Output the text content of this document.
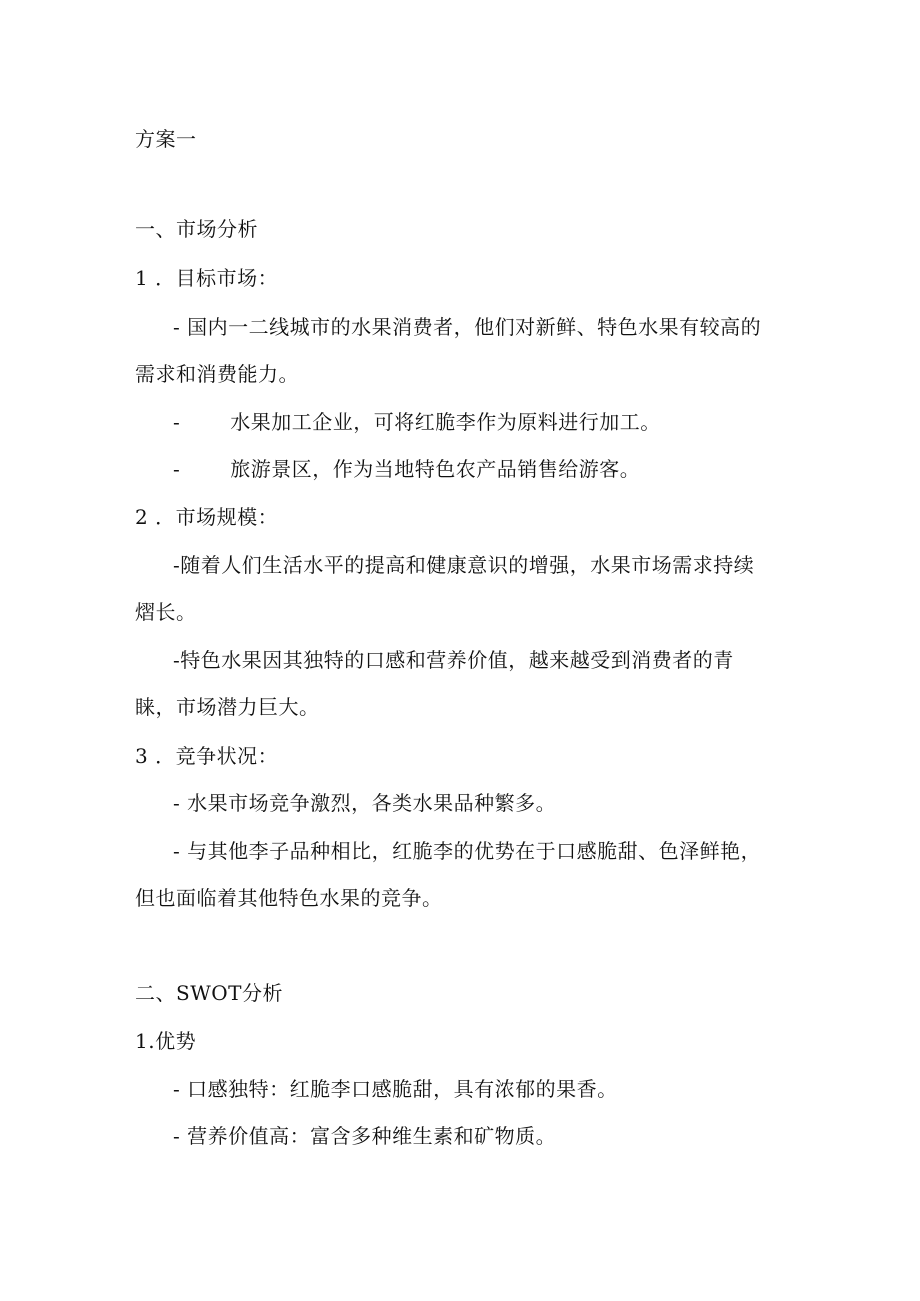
方案一
一、市场分析
1 ．目标市场：
- 国内一二线城市的水果消费者，他们对新鲜、特色水果有较高的
需求和消费能力。
-	水果加工企业，可将红脆李作为原料进行加工。
-	旅游景区，作为当地特色农产品销售给游客。
2 ．市场规模：
-随着人们生活水平的提高和健康意识的增强，水果市场需求持续
熠长。
-特色水果因其独特的口感和营养价值，越来越受到消费者的青
睐，市场潜力巨大。
3 ．竞争状况：
- 水果市场竞争激烈，各类水果品种繁多。
- 与其他李子品种相比，红脆李的优势在于口感脆甜、色泽鲜艳，
但也面临着其他特色水果的竞争。
二、SWOT分析
1.优势
- 口感独特：红脆李口感脆甜，具有浓郁的果香。
- 营养价值高：富含多种维生素和矿物质。
